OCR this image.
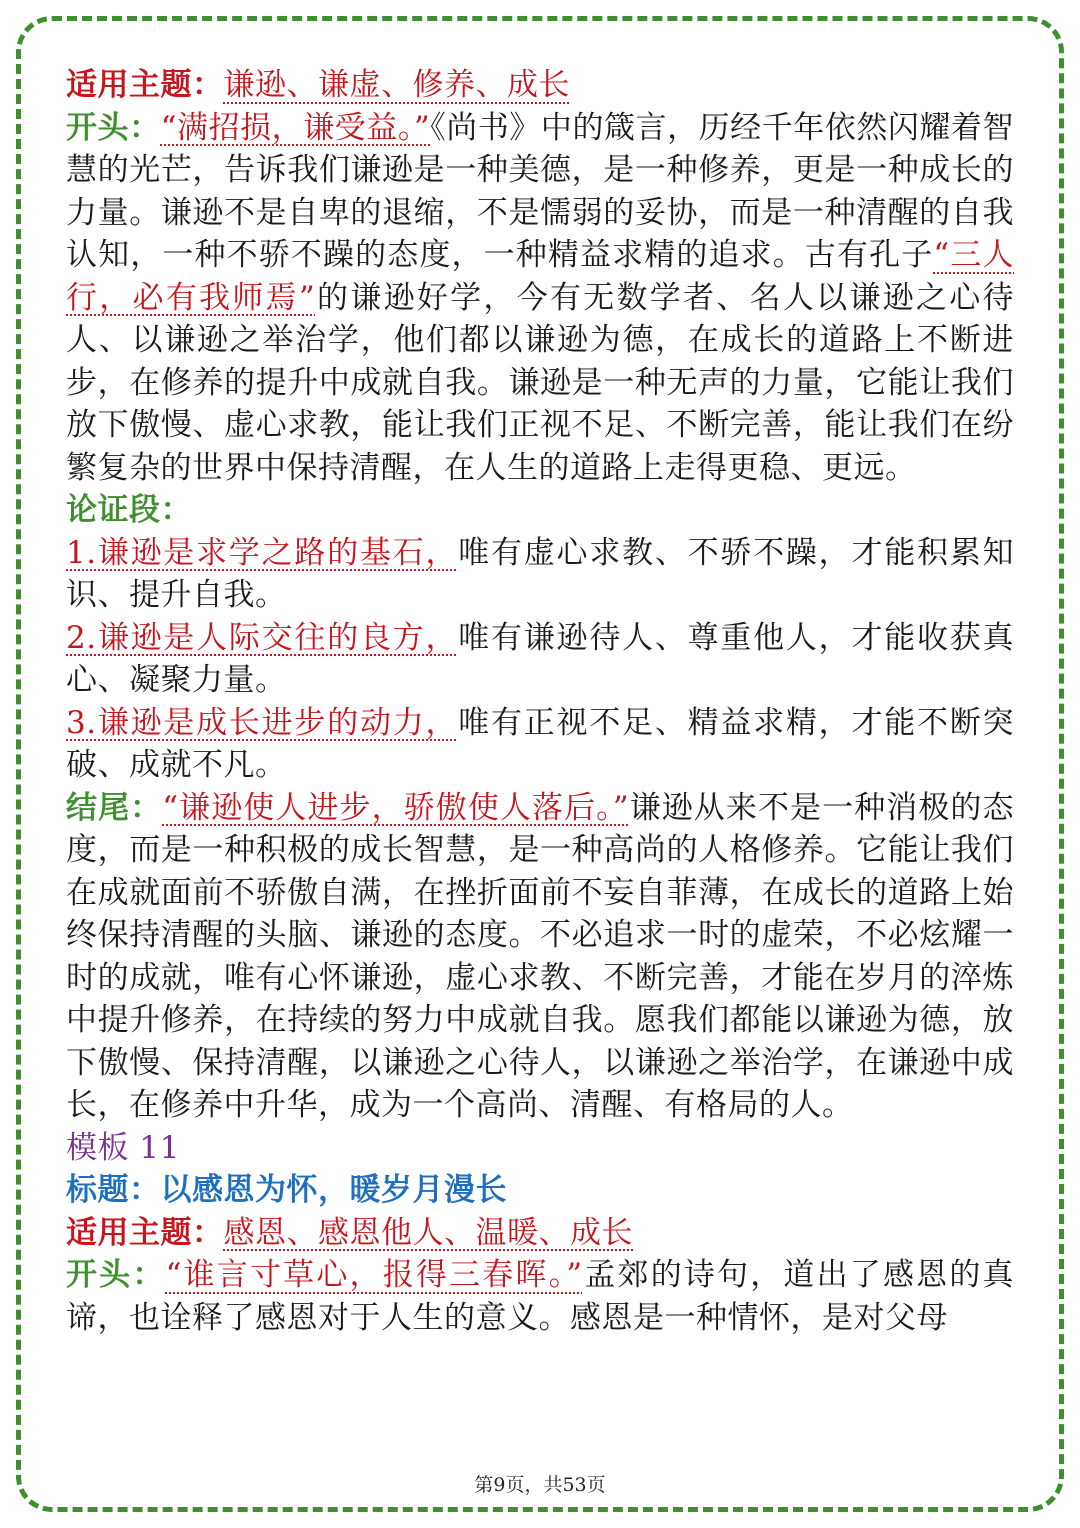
适用主题：谦逊、谦虚、修养、成长

开头：“满招损，谦受益。”《尚书》中的箴言，历经千年依然闪耀着智慧的光芒，告诉我们谦逊是一种美德，是一种修养，更是一种成长的力量。谦逊不是自卑的退缩，不是懦弱的妥协，而是一种清醒的自我认知，一种不骄不躁的态度，一种精益求精的追求。古有孔子“三人行，必有我师焉”的谦逊好学，今有无数学者、名人以谦逊之心待人、以谦逊之举治学，他们都以谦逊为德，在成长的道路上不断进步，在修养的提升中成就自我。谦逊是一种无声的力量，它能让我们放下傲慢、虚心求教，能让我们正视不足、不断完善，能让我们在纷繁复杂的世界中保持清醒，在人生的道路上走得更稳、更远。

论证段：

1.谦逊是求学之路的基石，唯有虚心求教、不骄不躁，才能积累知识、提升自我。

2.谦逊是人际交往的良方，唯有谦逊待人、尊重他人，才能收获真心、凝聚力量。

3.谦逊是成长进步的动力，唯有正视不足、精益求精，才能不断突破、成就不凡。

结尾：“谦逊使人进步，骄傲使人落后。”谦逊从来不是一种消极的态度，而是一种积极的成长智慧，是一种高尚的人格修养。它能让我们在成就面前不骄傲自满，在挫折面前不妄自菲薄，在成长的道路上始终保持清醒的头脑、谦逊的态度。不必追求一时的虚荣，不必炫耀一时的成就，唯有心怀谦逊，虚心求教、不断完善，才能在岁月的淬炼中提升修养，在持续的努力中成就自我。愿我们都能以谦逊为德，放下傲慢、保持清醒，以谦逊之心待人，以谦逊之举治学，在谦逊中成长，在修养中升华，成为一个高尚、清醒、有格局的人。

模板 11

标题：以感恩为怀，暖岁月漫长

适用主题：感恩、感恩他人、温暖、成长

开头：“谁言寸草心，报得三春晖。”孟郊的诗句，道出了感恩的真谛，也诠释了感恩对于人生的意义。感恩是一种情怀，是对父母

第9页，共53页
